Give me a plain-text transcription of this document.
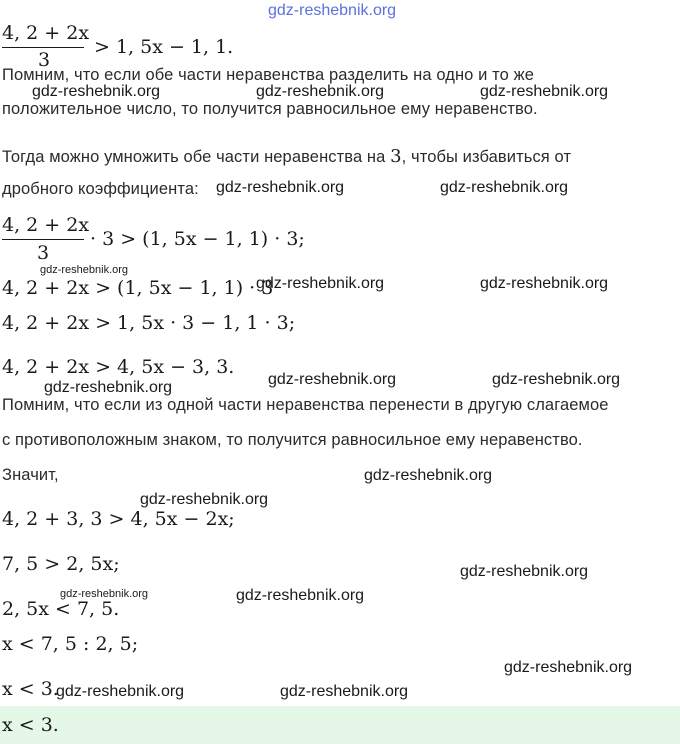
gdz-reshebnik.org
4, 2 + 2x
3
> 1, 5x − 1, 1.
Помним, что если обе части неравенства разделить на одно и то же
gdz-reshebnik.org	gdz-reshebnik.org	gdz-reshebnik.org
положительное число, то получится равносильное ему неравенство.
Тогда можно умножить обе части неравенства на 3, чтобы избавиться от
дробного коэффициента: gdz-reshebnik.org	gdz-reshebnik.org
4, 2 + 2x
3
· 3 > (1, 5x − 1, 1) · 3;
gdz-reshebnik.org
4, 2 + 2x > (1, 5x − 1, 1) · 3
gdz-reshebnik.org	gdz-reshebnik.org
4, 2 + 2x > 1, 5x · 3 − 1, 1 · 3;
4, 2 + 2x > 4, 5x − 3, 3.
gdz-reshebnik.org	gdz-reshebnik.org	gdz-reshebnik.org
Помним, что если из одной части неравенства перенести в другую слагаемое
с противоположным знаком, то получится равносильное ему неравенство.
Значит,	gdz-reshebnik.org
gdz-reshebnik.org
4, 2 + 3, 3 > 4, 5x − 2x;
7, 5 > 2, 5x;	gdz-reshebnik.org
gdz-reshebnik.org
2, 5x < 7, 5.
gdz-reshebnik.org
x < 7, 5 : 2, 5;
gdz-reshebnik.org
x < 3.
gdz-reshebnik.org	gdz-reshebnik.org
x < 3.
